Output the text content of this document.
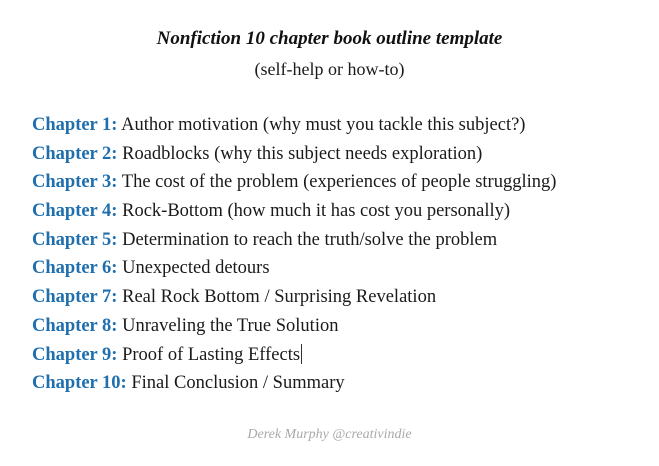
Nonfiction 10 chapter book outline template
(self-help or how-to)
Chapter 1: Author motivation (why must you tackle this subject?)
Chapter 2: Roadblocks (why this subject needs exploration)
Chapter 3: The cost of the problem (experiences of people struggling)
Chapter 4: Rock-Bottom (how much it has cost you personally)
Chapter 5: Determination to reach the truth/solve the problem
Chapter 6: Unexpected detours
Chapter 7: Real Rock Bottom / Surprising Revelation
Chapter 8: Unraveling the True Solution
Chapter 9: Proof of Lasting Effects
Chapter 10: Final Conclusion / Summary
Derek Murphy @creativindie
